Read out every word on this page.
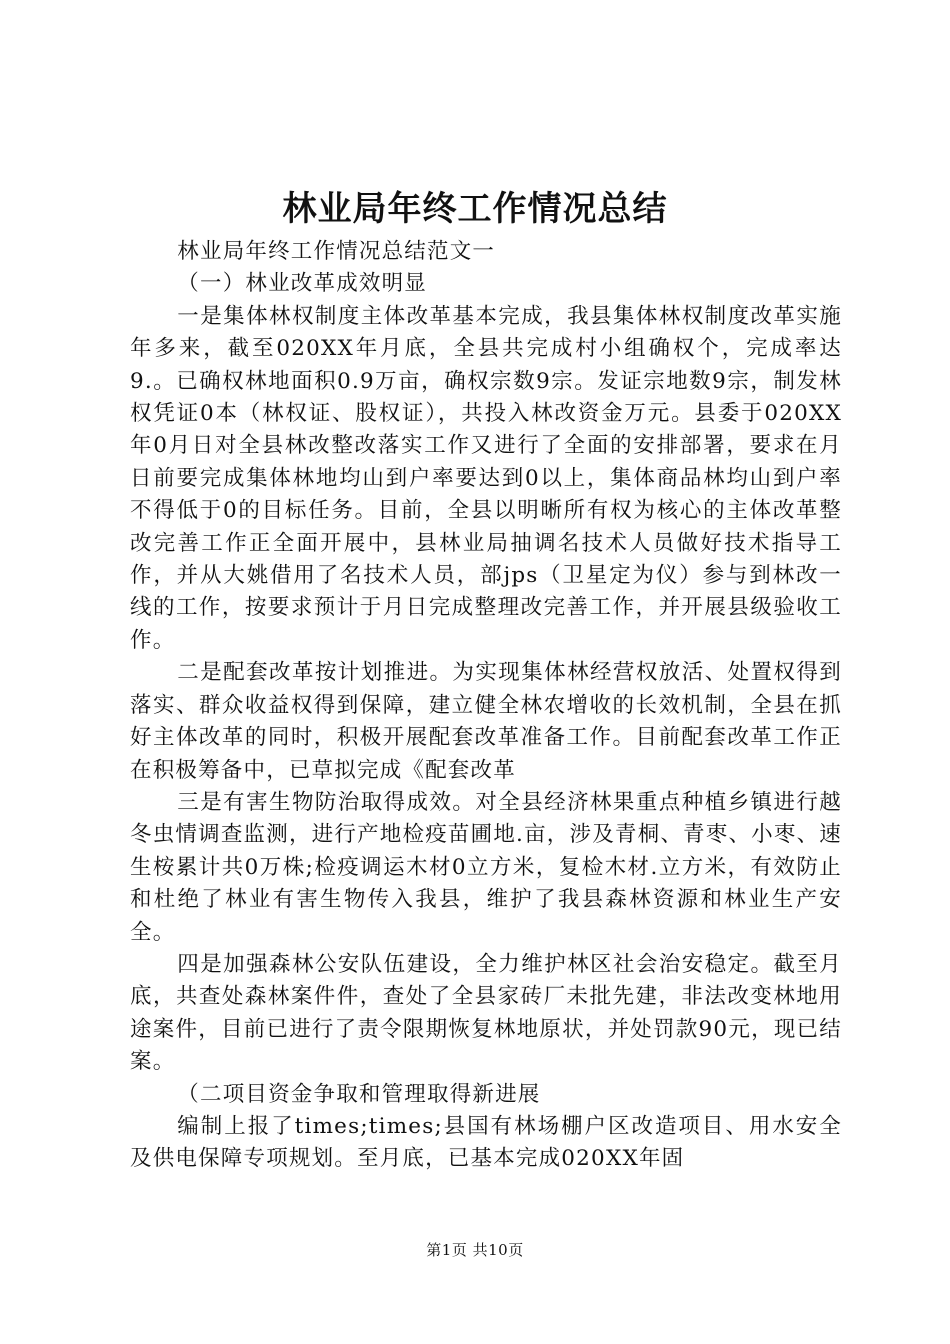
林业局年终工作情况总结

林业局年终工作情况总结范文一

（一）林业改革成效明显

一是集体林权制度主体改革基本完成，我县集体林权制度改革实施年多来，截至020XX年月底，全县共完成村小组确权个，完成率达9.。已确权林地面积0.9万亩，确权宗数9宗。发证宗地数9宗，制发林权凭证0本（林权证、股权证），共投入林改资金万元。县委于020XX年0月日对全县林改整改落实工作又进行了全面的安排部署，要求在月日前要完成集体林地均山到户率要达到0以上，集体商品林均山到户率不得低于0的目标任务。目前，全县以明晰所有权为核心的主体改革整改完善工作正全面开展中，县林业局抽调名技术人员做好技术指导工作，并从大姚借用了名技术人员，部jps（卫星定为仪）参与到林改一线的工作，按要求预计于月日完成整理改完善工作，并开展县级验收工作。

二是配套改革按计划推进。为实现集体林经营权放活、处置权得到落实、群众收益权得到保障，建立健全林农增收的长效机制，全县在抓好主体改革的同时，积极开展配套改革准备工作。目前配套改革工作正在积极筹备中，已草拟完成《配套改革

三是有害生物防治取得成效。对全县经济林果重点种植乡镇进行越冬虫情调查监测，进行产地检疫苗圃地.亩，涉及青桐、青枣、小枣、速生桉累计共0万株;检疫调运木材0立方米，复检木材.立方米，有效防止和杜绝了林业有害生物传入我县，维护了我县森林资源和林业生产安全。

四是加强森林公安队伍建设，全力维护林区社会治安稳定。截至月底，共查处森林案件件，查处了全县家砖厂未批先建，非法改变林地用途案件，目前已进行了责令限期恢复林地原状，并处罚款90元，现已结案。

（二项目资金争取和管理取得新进展

编制上报了times;times;县国有林场棚户区改造项目、用水安全及供电保障专项规划。至月底，已基本完成020XX年固

第1页 共10页
